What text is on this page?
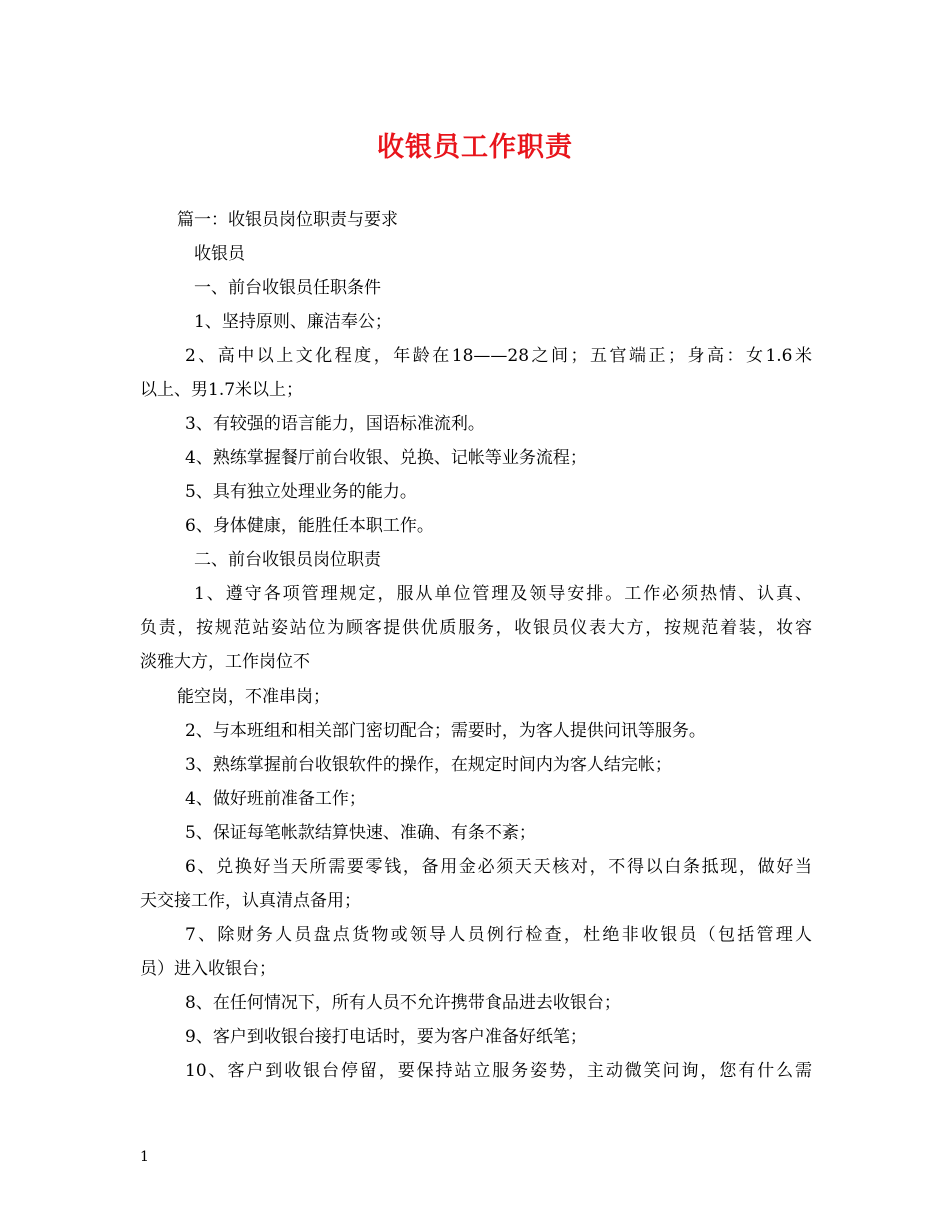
收银员工作职责
篇一：收银员岗位职责与要求
收银员
一、前台收银员任职条件
1、坚持原则、廉洁奉公；
2、高中以上文化程度，年龄在18——28之间；五官端正；身高：女1.6米
以上、男1.7米以上；
3、有较强的语言能力，国语标准流利。
4、熟练掌握餐厅前台收银、兑换、记帐等业务流程；
5、具有独立处理业务的能力。
6、身体健康，能胜任本职工作。
二、前台收银员岗位职责
1、遵守各项管理规定，服从单位管理及领导安排。工作必须热情、认真、
负责，按规范站姿站位为顾客提供优质服务，收银员仪表大方，按规范着装，妆容
淡雅大方，工作岗位不
能空岗，不准串岗；
2、与本班组和相关部门密切配合；需要时，为客人提供问讯等服务。
3、熟练掌握前台收银软件的操作，在规定时间内为客人结完帐；
4、做好班前准备工作；
5、保证每笔帐款结算快速、准确、有条不紊；
6、兑换好当天所需要零钱，备用金必须天天核对，不得以白条抵现，做好当
天交接工作，认真清点备用；
7、除财务人员盘点货物或领导人员例行检查，杜绝非收银员（包括管理人
员）进入收银台；
8、在任何情况下，所有人员不允许携带食品进去收银台；
9、客户到收银台接打电话时，要为客户准备好纸笔；
10、客户到收银台停留，要保持站立服务姿势，主动微笑问询，您有什么需
1
